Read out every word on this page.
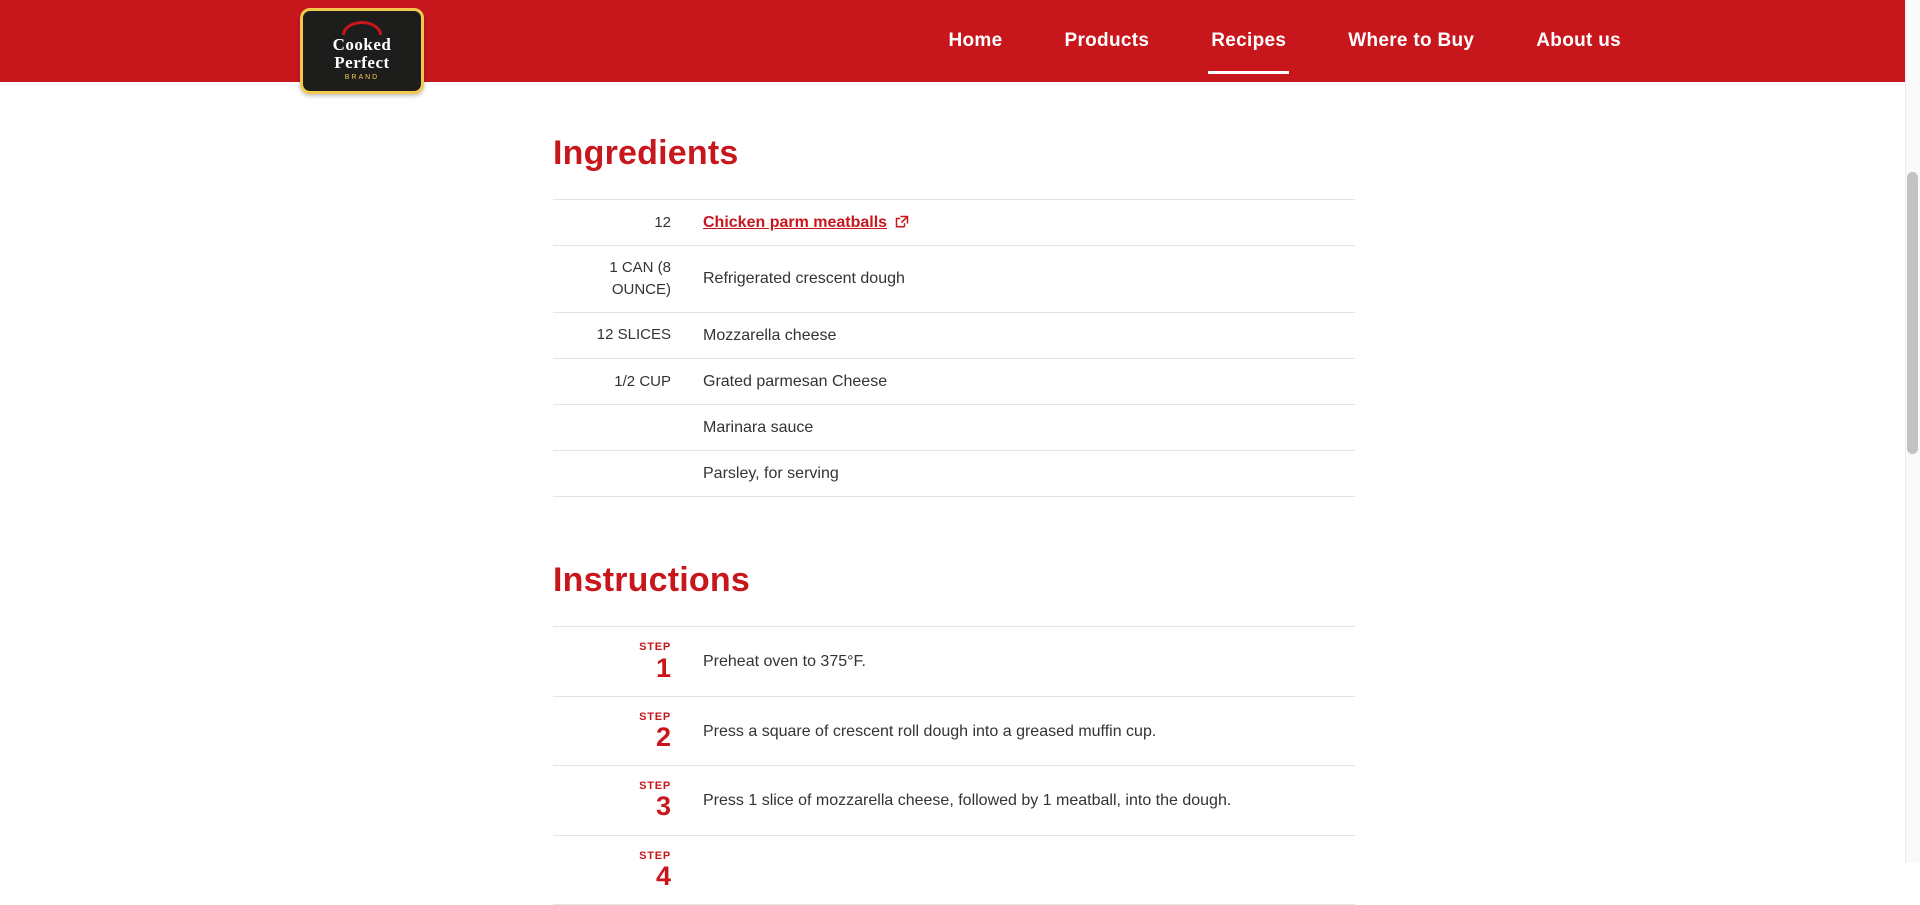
Cooked
Perfect
BRAND
Home	Products	Recipes	Where to Buy	About us
Ingredients
12	Chicken parm meatballs
1 CAN (8 OUNCE)	Refrigerated crescent dough
12 SLICES	Mozzarella cheese
1/2 CUP	Grated parmesan Cheese
	Marinara sauce
	Parsley, for serving
Instructions
STEP
1	Preheat oven to 375°F.

STEP
2	Press a square of crescent roll dough into a greased muffin cup.

STEP
3	Press 1 slice of mozzarella cheese, followed by 1 meatball, into the dough.

STEP
4	
